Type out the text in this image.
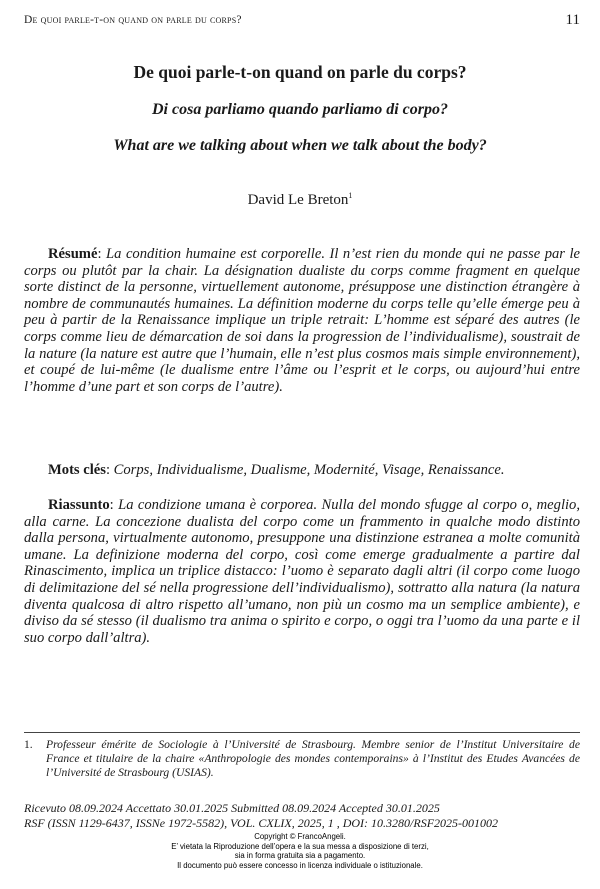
De quoi parle-t-on quand on parle du corps?	11
De quoi parle-t-on quand on parle du corps?
Di cosa parliamo quando parliamo di corpo?
What are we talking about when we talk about the body?
David Le Breton$^1$

Résumé: La condition humaine est corporelle. Il n’est rien du monde qui ne passe par le corps ou plutôt par la chair. La désignation dualiste du corps comme fragment en quelque sorte distinct de la personne, virtuellement autonome, présuppose une distinction étrangère à nombre de communautés humaines. La définition moderne du corps telle qu’elle émerge peu à peu à partir de la Renaissance implique un triple retrait: L’homme est séparé des autres (le corps comme lieu de démarcation de soi dans la progression de l’individualisme), soustrait de la nature (la nature est autre que l’humain, elle n’est plus cosmos mais simple environnement), et coupé de lui-même (le dualisme entre l’âme ou l’esprit et le corps, ou aujourd’hui entre l’homme d’une part et son corps de l’autre).

Mots clés: Corps, Individualisme, Dualisme, Modernité, Visage, Renaissance.

Riassunto: La condizione umana è corporea. Nulla del mondo sfugge al corpo o, meglio, alla carne. La concezione dualista del corpo come un frammento in qualche modo distinto dalla persona, virtualmente autonomo, presuppone una distinzione estranea a molte comunità umane. La definizione moderna del corpo, così come emerge gradualmente a partire dal Rinascimento, implica un triplice distacco: l’uomo è separato dagli altri (il corpo come luogo di delimitazione del sé nella progressione dell’individualismo), sottratto alla natura (la natura diventa qualcosa di altro rispetto all’umano, non più un cosmo ma un semplice ambiente), e diviso da sé stesso (il dualismo tra anima o spirito e corpo, o oggi tra l’uomo da una parte e il suo corpo dall’altra).

1. Professeur émérite de Sociologie à l’Université de Strasbourg. Membre senior de l’Institut Universitaire de France et titulaire de la chaire «Anthropologie des mondes contemporains» à l’Institut des Etudes Avancées de l’Université de Strasbourg (USIAS).
Ricevuto 08.09.2024 Accettato 30.01.2025 Submitted 08.09.2024 Accepted 30.01.2025
RSF (ISSN 1129-6437, ISSNe 1972-5582), VOL. CXLIX, 2025, 1 , DOI: 10.3280/RSF2025-001002
Copyright © FrancoAngeli.
E’ vietata la Riproduzione dell’opera e la sua messa a disposizione di terzi,
sia in forma gratuita sia a pagamento.
Il documento può essere concesso in licenza individuale o istituzionale.
